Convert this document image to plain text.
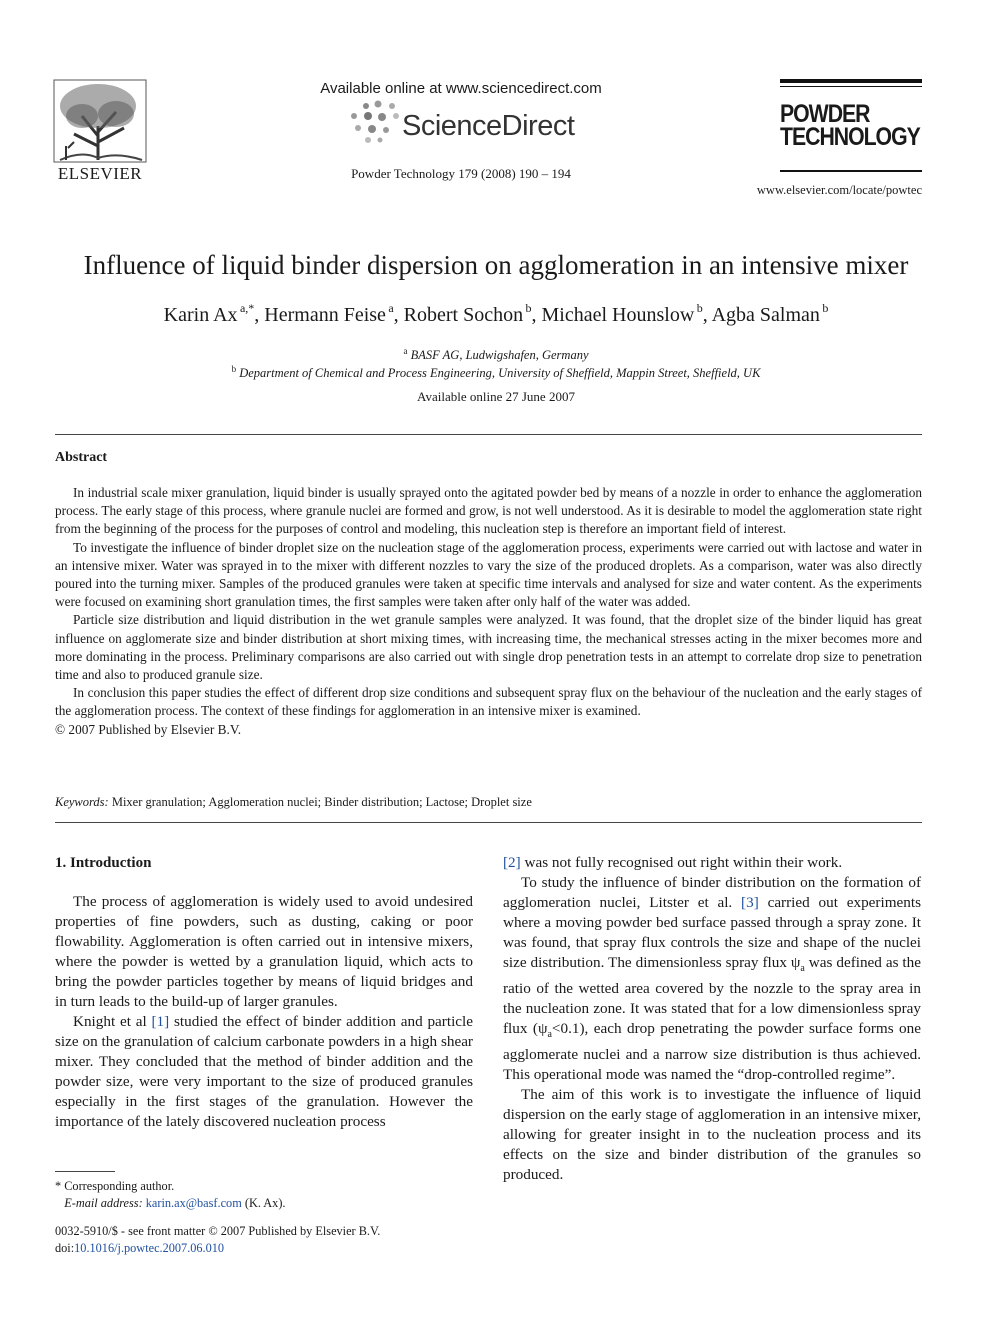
ELSEVIER
Available online at www.sciencedirect.com
ScienceDirect
Powder Technology 179 (2008) 190 – 194
POWDER
TECHNOLOGY
www.elsevier.com/locate/powtec
Influence of liquid binder dispersion on agglomeration in an intensive mixer
Karin Ax  $^{a,*}$, Hermann Feise  $^a$, Robert Sochon  $^b$, Michael Hounslow  $^b$, Agba Salman  $^b$
$^a$ BASF AG, Ludwigshafen, Germany
$^b$ Department of Chemical and Process Engineering, University of Sheffield, Mappin Street, Sheffield, UK
Available online 27 June 2007
Abstract

In industrial scale mixer granulation, liquid binder is usually sprayed onto the agitated powder bed by means of a nozzle in order to enhance the agglomeration process. The early stage of this process, where granule nuclei are formed and grow, is not well understood. As it is desirable to model the agglomeration state right from the beginning of the process for the purposes of control and modeling, this nucleation step is therefore an important field of interest.

To investigate the influence of binder droplet size on the nucleation stage of the agglomeration process, experiments were carried out with lactose and water in an intensive mixer. Water was sprayed in to the mixer with different nozzles to vary the size of the produced droplets. As a comparison, water was also directly poured into the turning mixer. Samples of the produced granules were taken at specific time intervals and analysed for size and water content. As the experiments were focused on examining short granulation times, the first samples were taken after only half of the water was added.

Particle size distribution and liquid distribution in the wet granule samples were analyzed. It was found, that the droplet size of the binder liquid has great influence on agglomerate size and binder distribution at short mixing times, with increasing time, the mechanical stresses acting in the mixer becomes more and more dominating in the process. Preliminary comparisons are also carried out with single drop penetration tests in an attempt to correlate drop size to penetration time and also to produced granule size.

In conclusion this paper studies the effect of different drop size conditions and subsequent spray flux on the behaviour of the nucleation and the early stages of the agglomeration process. The context of these findings for agglomeration in an intensive mixer is examined.

© 2007 Published by Elsevier B.V.

Keywords: Mixer granulation; Agglomeration nuclei; Binder distribution; Lactose; Droplet size
1. Introduction

The process of agglomeration is widely used to avoid undesired properties of fine powders, such as dusting, caking or poor flowability. Agglomeration is often carried out in intensive mixers, where the powder is wetted by a granulation liquid, which acts to bring the powder particles together by means of liquid bridges and in turn leads to the build-up of larger granules.

Knight et al [1] studied the effect of binder addition and particle size on the granulation of calcium carbonate powders in a high shear mixer. They concluded that the method of binder addition and the powder size, were very important to the size of produced granules especially in the first stages of the granulation. However the importance of the lately discovered nucleation process

[2] was not fully recognised out right within their work.

To study the influence of binder distribution on the formation of agglomeration nuclei, Litster et al. [3] carried out experiments where a moving powder bed surface passed through a spray zone. It was found, that spray flux controls the size and shape of the nuclei size distribution. The dimensionless spray flux $\psi_a$ was defined as the ratio of the wetted area covered by the nozzle to the spray area in the nucleation zone. It was stated that for a low dimensionless spray flux $(\psi_a<0.1)$, each drop penetrating the powder surface forms one agglomerate nuclei and a narrow size distribution is thus achieved. This operational mode was named the “drop-controlled regime”.

The aim of this work is to investigate the influence of liquid dispersion on the early stage of agglomeration in an intensive mixer, allowing for greater insight in to the nucleation process and its effects on the size and binder distribution of the granules so produced.

* Corresponding author.
E-mail address: karin.ax@basf.com (K. Ax).
0032-5910/$ - see front matter © 2007 Published by Elsevier B.V.
doi:10.1016/j.powtec.2007.06.010
